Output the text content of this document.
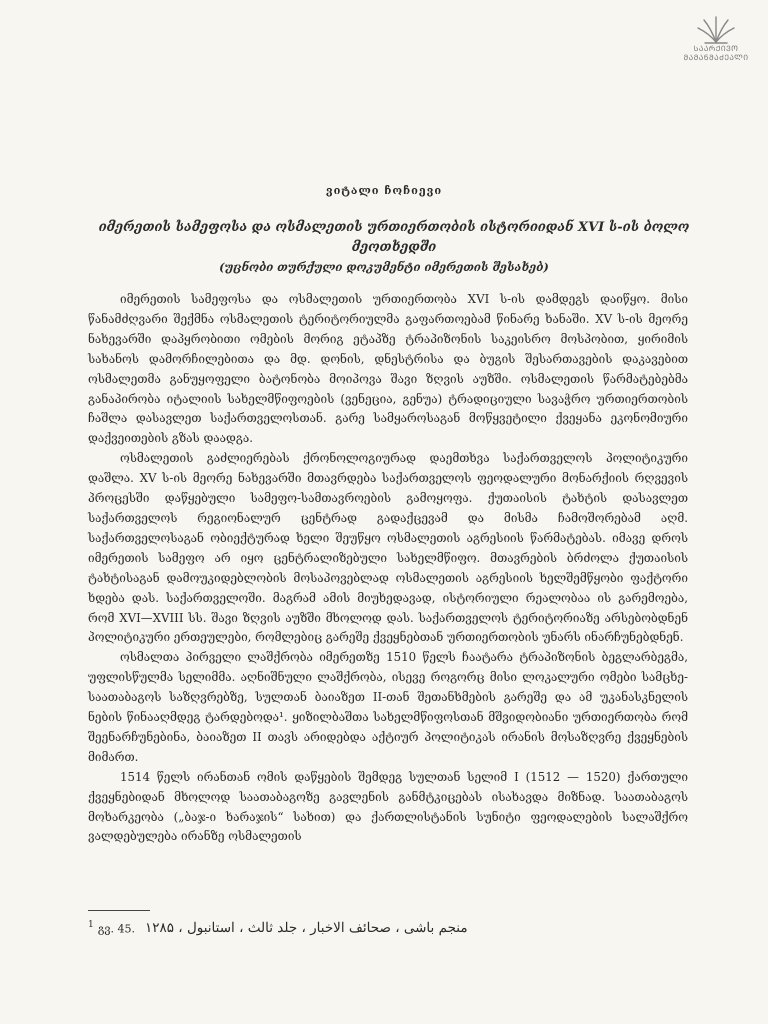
ᲡᲐᲐᲠᲥᲘᲕᲝ
ᲛᲐᲛᲐᲜᲛᲐᲫᲔᲐᲚᲘ
ვიტალი ჩოჩიევი
იმერეთის სამეფოსა და ოსმალეთის ურთიერთობის ისტორიიდან XVI ს-ის ბოლო მეოთხედში
(უცნობი თურქული დოკუმენტი იმერეთის შესახებ)

იმერეთის სამეფოსა და ოსმალეთის ურთიერთობა XVI ს-ის დამდეგს დაიწყო. მისი წანამძღვარი შექმნა ოსმალეთის ტერიტორიულმა გაფართოებამ წინარე ხანაში. XV ს-ის მეორე ნახევარში დაპყრობითი ომების მორიგ ეტაპზე ტრაპიზონის საკეისრო მოსპობით, ყირიმის სახანოს დამორჩილებითა და მდ. დონის, დნესტრისა და ბუგის შესართავების დაკავებით ოსმალეთმა განუყოფელი ბატონობა მოიპოვა შავი ზღვის აუზში. ოსმალეთის წარმატებებმა განაპირობა იტალიის სახელმწიფოების (ვენეცია, გენუა) ტრადიციული სავაჭრო ურთიერთობის ჩაშლა დასავლეთ საქართველოსთან. გარე სამყაროსაგან მოწყვეტილი ქვეყანა ეკონომიური დაქვეითების გზას დაადგა.

ოსმალეთის გაძლიერებას ქრონოლოგიურად დაემთხვა საქართველოს პოლიტიკური დაშლა. XV ს-ის მეორე ნახევარში მთავრდება საქართველოს ფეოდალური მონარქიის რღვევის პროცესში დაწყებული სამეფო-სამთავროების გამოყოფა. ქუთაისის ტახტის დასავლეთ საქართველოს რეგიონალურ ცენტრად გადაქცევამ და მისმა ჩამოშორებამ აღმ. საქართველოსაგან ობიექტურად ხელი შეუწყო ოსმალეთის აგრესიის წარმატებას. იმავე დროს იმერეთის სამეფო არ იყო ცენტრალიზებული სახელმწიფო. მთავრების ბრძოლა ქუთაისის ტახტისაგან დამოუკიდებლობის მოსაპოვებლად ოსმალეთის აგრესიის ხელშემწყობი ფაქტორი ხდება დას. საქართველოში. მაგრამ ამის მიუხედავად, ისტორიული რეალობაა ის გარემოება, რომ XVI—XVIII სს. შავი ზღვის აუზში მხოლოდ დას. საქართველოს ტერიტორიაზე არსებობდნენ პოლიტიკური ერთეულები, რომლებიც გარეშე ქვეყნებთან ურთიერთობის უნარს ინარჩუნებდნენ.

ოსმალთა პირველი ლაშქრობა იმერეთზე 1510 წელს ჩაატარა ტრაპიზონის ბეგლარბეგმა, უფლისწულმა სელიმმა. აღნიშნული ლაშქრობა, ისევე როგორც მისი ლოკალური ომები სამცხე-საათაბაგოს საზღვრებზე, სულთან ბაიაზეთ II-თან შეთანხმების გარეშე და ამ უკანასკნელის ნების წინააღმდეგ ტარდებოდა¹. ყიზილბაშთა სახელმწიფოსთან მშვიდობიანი ურთიერთობა რომ შეენარჩუნებინა, ბაიაზეთ II თავს არიდებდა აქტიურ პოლიტიკას ირანის მოსაზღვრე ქვეყნების მიმართ.

1514 წელს ირანთან ომის დაწყების შემდეგ სულთან სელიმ I (1512 — 1520) ქართული ქვეყნებიდან მხოლოდ საათაბაგოზე გავლენის განმტკიცებას ისახავდა მიზნად. საათაბაგოს მოხარკეობა („ბაჯ-ი ხარაჯის“ სახით) და ქართლისტანის სუნიტი ფეოდალების სალაშქრო ვალდებულება ირანზე ოსმალეთის

$^1$ გვ. 45. منجم باشی ، صحائف الاخبار ، جلد ثالث ، استانبول ، ۱۲۸۵
